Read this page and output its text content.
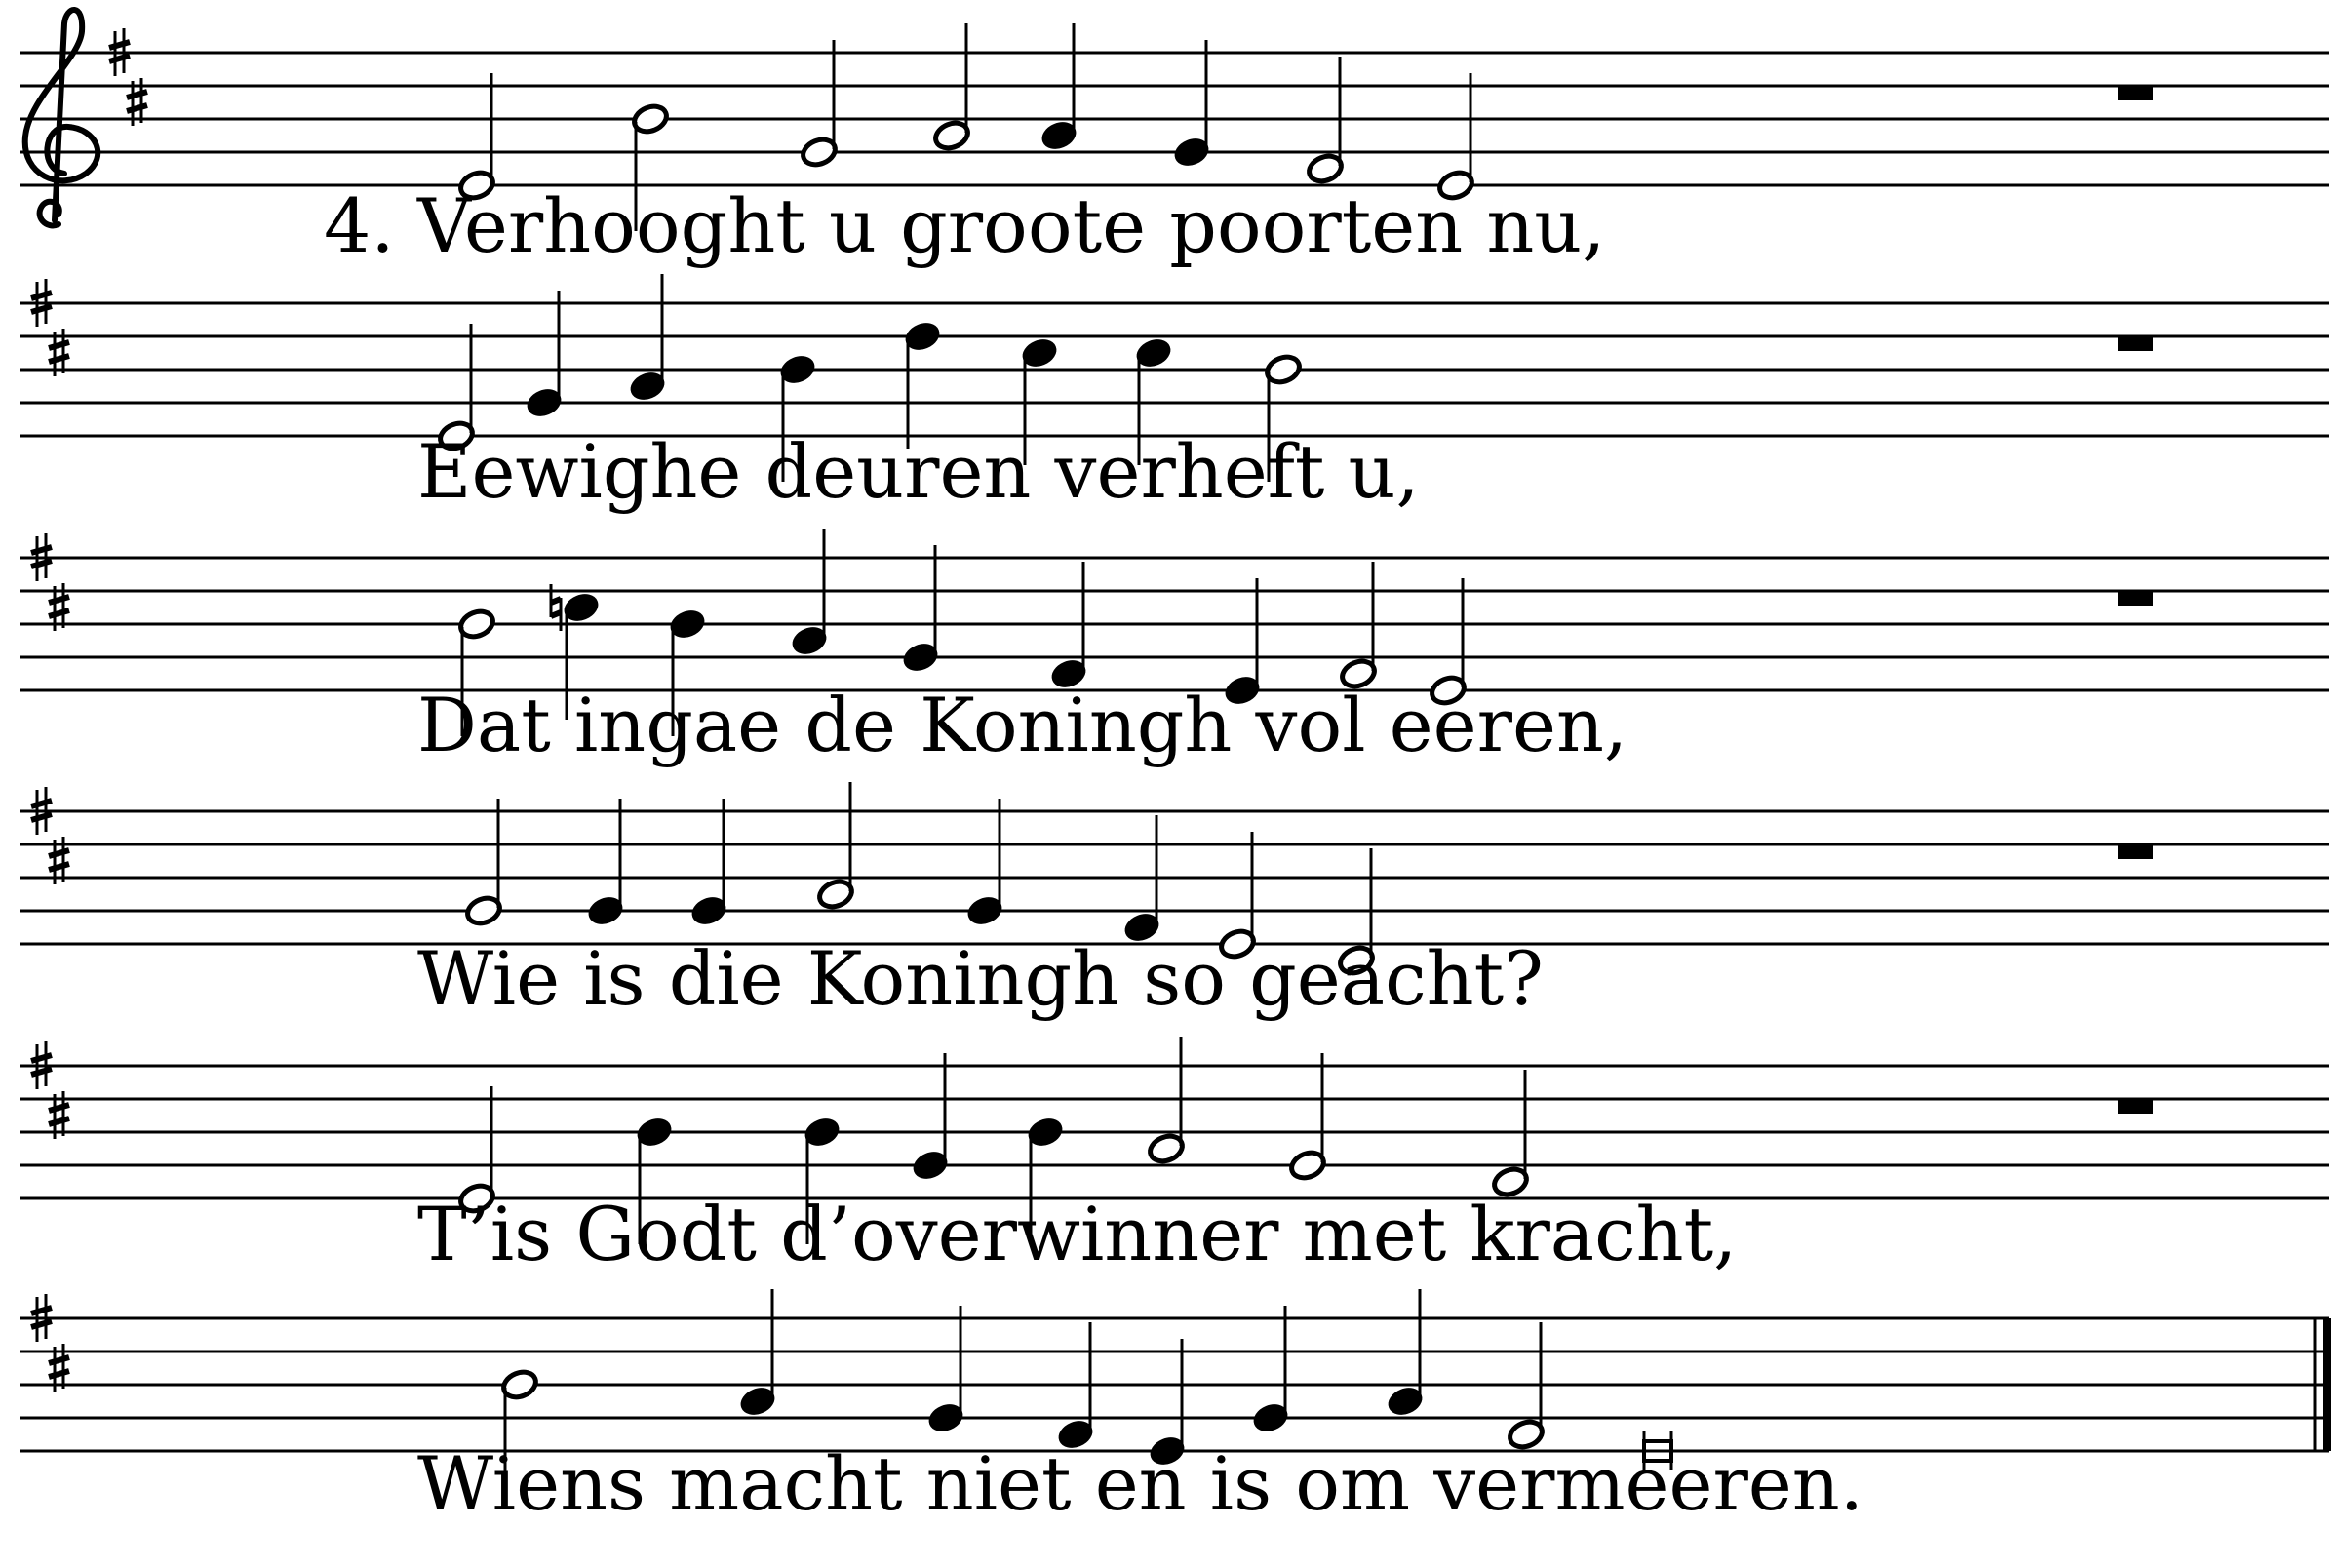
Verhooght u groote poorten nu,
Eewighe deuren verheft u,
Dat ingae de Koningh vol eeren,
Wie is die Koningh so geacht?
T’is Godt d’overwinner met kracht,
Wiens macht niet en is om vermeeren.
4.
